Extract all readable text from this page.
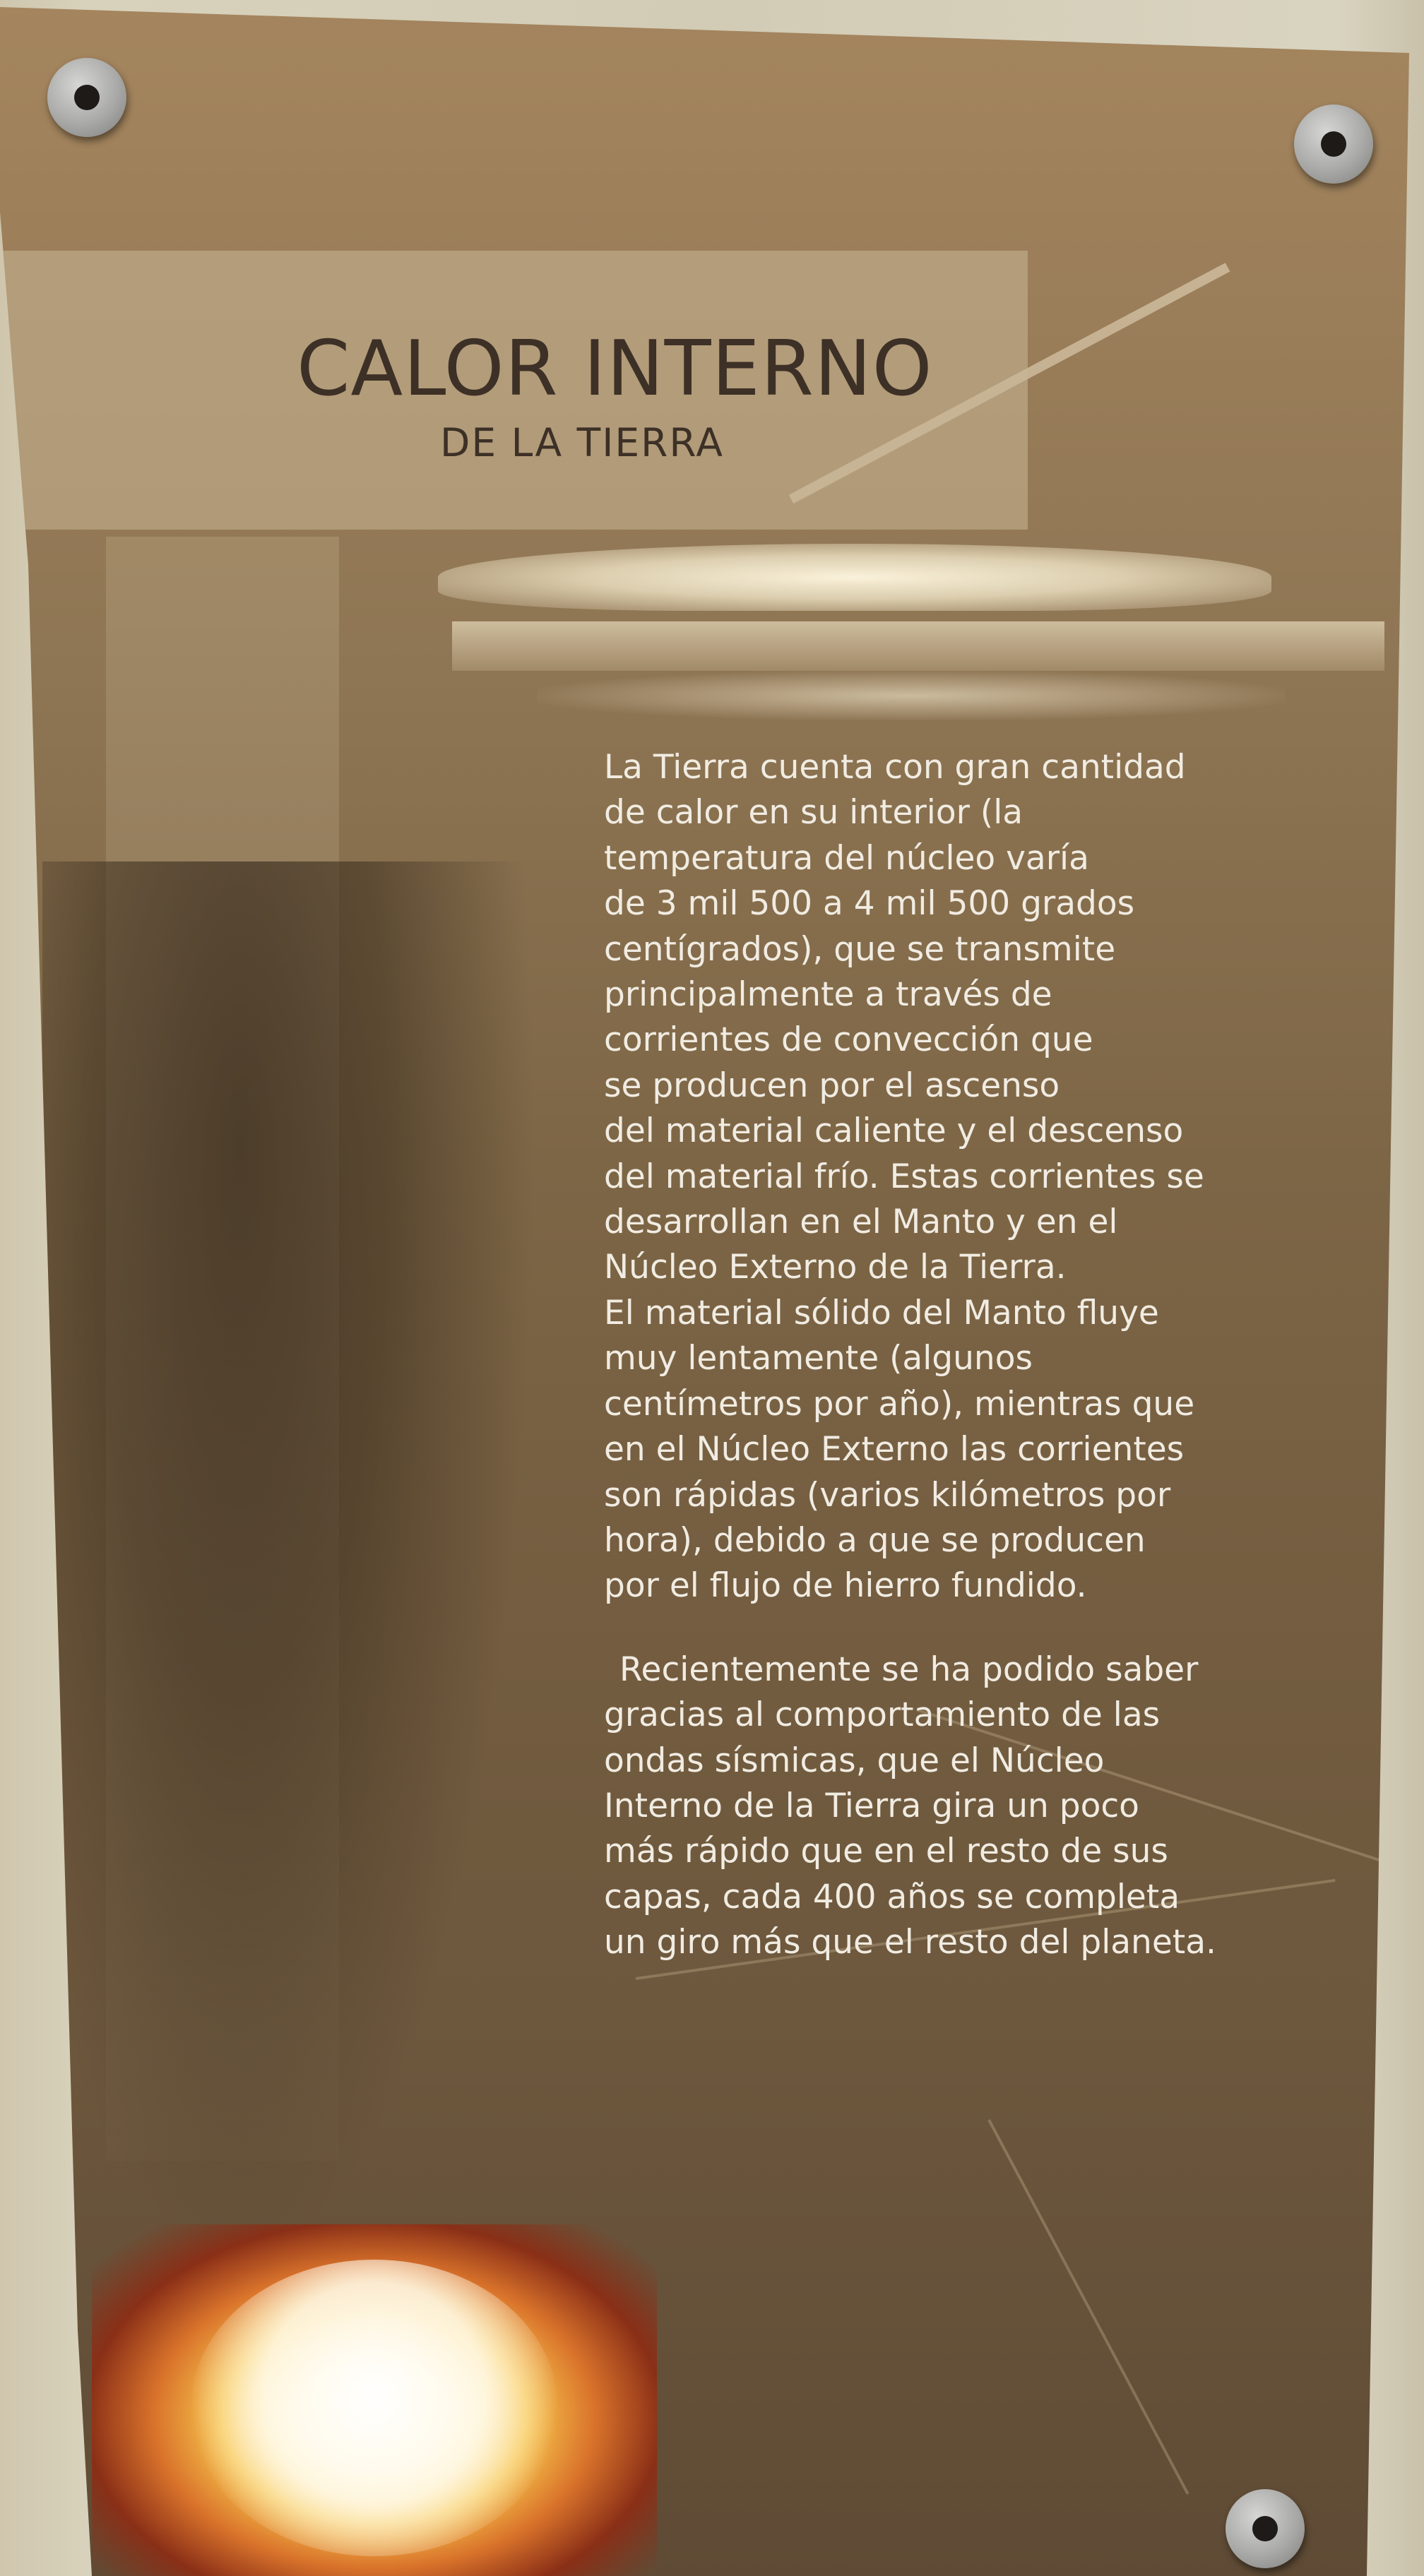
CALOR INTERNO
DE LA TIERRA
La Tierra cuenta con gran cantidad
de calor en su interior (la
temperatura del núcleo varía
de 3 mil 500 a 4 mil 500 grados
centígrados), que se transmite
principalmente a través de
corrientes de convección que
se producen por el ascenso
del material caliente y el descenso
del material frío. Estas corrientes se
desarrollan en el Manto y en el
Núcleo Externo de la Tierra.
El material sólido del Manto fluye
muy lentamente (algunos
centímetros por año), mientras que
en el Núcleo Externo las corrientes
son rápidas (varios kilómetros por
hora), debido a que se producen
por el flujo de hierro fundido.
Recientemente se ha podido saber
gracias al comportamiento de las
ondas sísmicas, que el Núcleo
Interno de la Tierra gira un poco
más rápido que en el resto de sus
capas, cada 400 años se completa
un giro más que el resto del planeta.
